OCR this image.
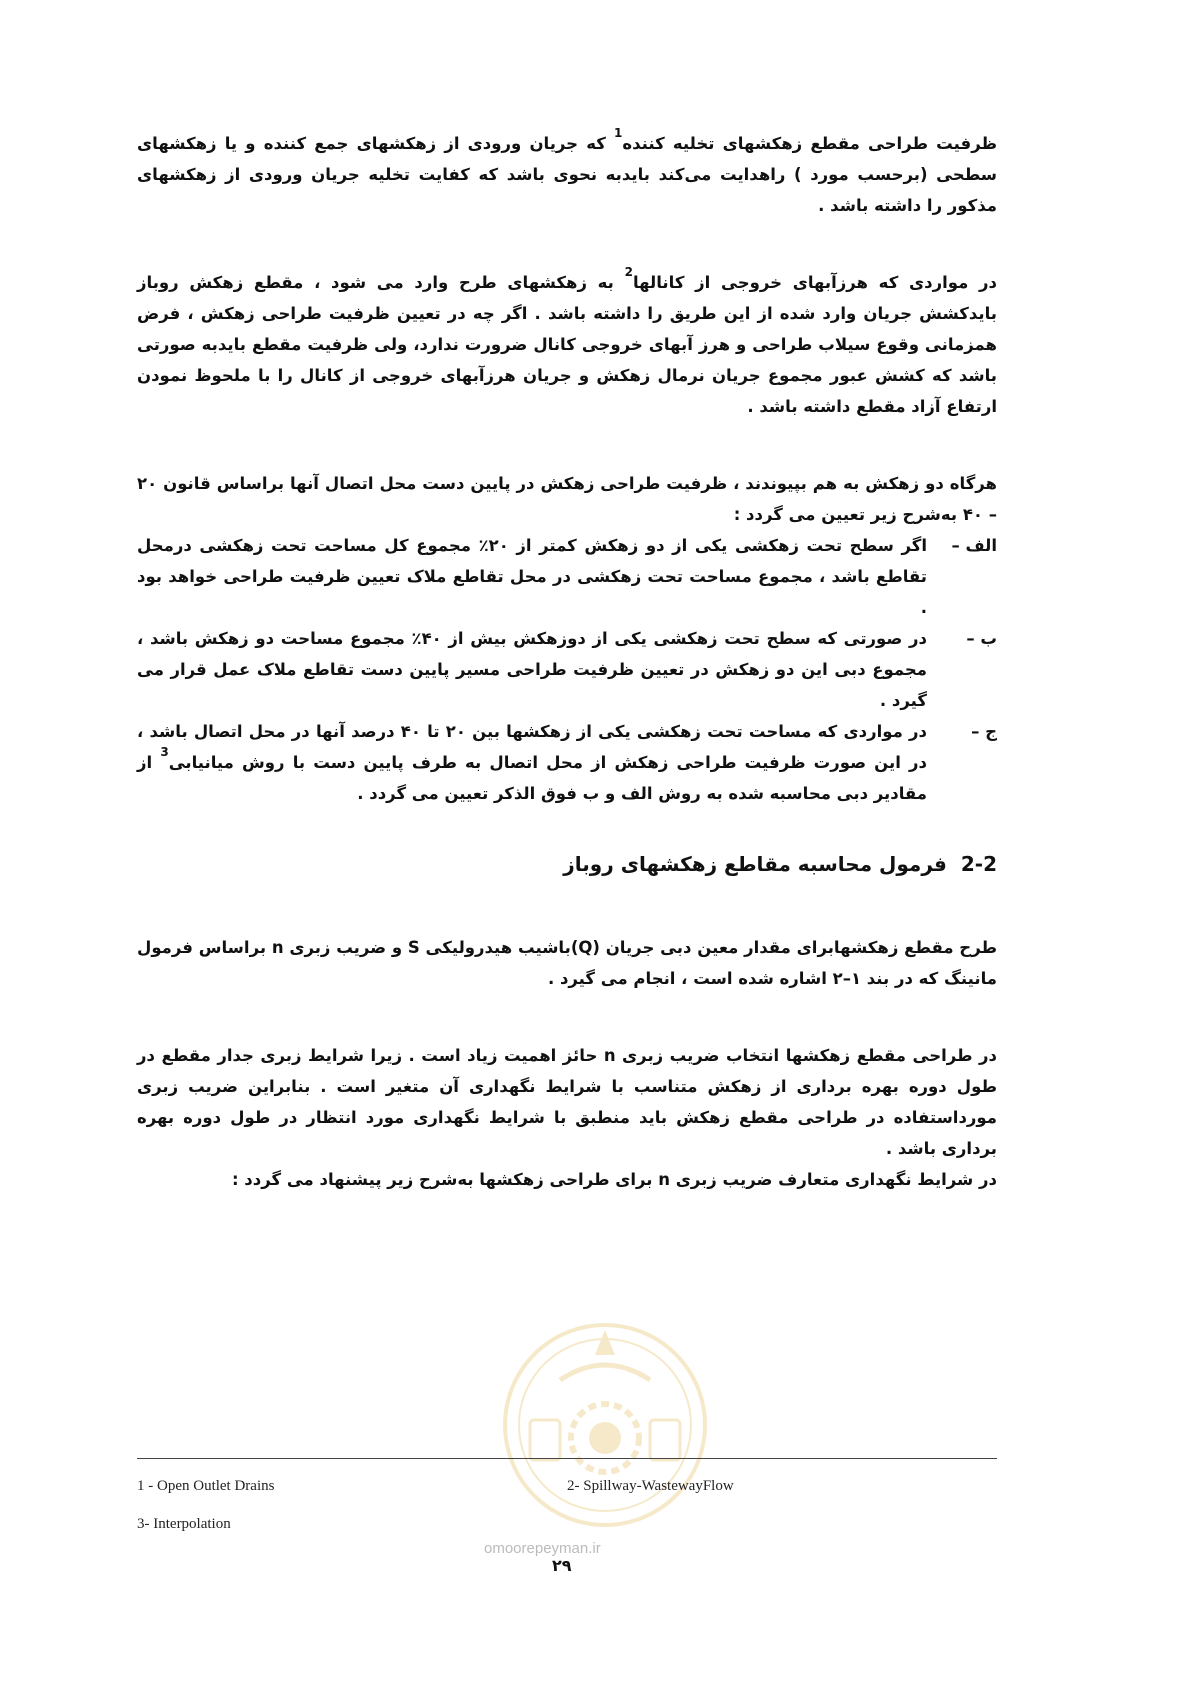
ظرفیت طراحی مقطع زهکشهای تخلیه کننده$^1$ که جریان ورودی از زهکشهای جمع کننده و یا زهکشهای سطحی (برحسب مورد ) راهدایت می‌کند بایدبه نحوی باشد که کفایت تخلیه جریان ورودی از زهکشهای مذکور را داشته باشد .

در مواردی که هرزآبهای خروجی از کانالها$^2$ به زهکشهای طرح وارد می شود ، مقطع زهکش روباز بایدکشش جریان وارد شده از این طریق را داشته باشد . اگر چه در تعیین ظرفیت طراحی زهکش ، فرض همزمانی وقوع سیلاب طراحی و هرز آبهای خروجی کانال ضرورت ندارد، ولی ظرفیت مقطع بایدبه صورتی باشد که کشش عبور مجموع جریان نرمال زهکش و جریان هرزآبهای خروجی از کانال را با ملحوظ نمودن ارتفاع آزاد مقطع داشته باشد .

هرگاه دو زهکش به هم بپیوندند ، ظرفیت طراحی زهکش در پایین دست محل اتصال آنها براساس قانون ۲۰ – ۴۰ به‌شرح زیر تعیین می گردد :
الف –
اگر سطح تحت زهکشی یکی از دو زهکش کمتر از ۲۰٪ مجموع کل مساحت تحت زهکشی درمحل تقاطع باشد ، مجموع مساحت تحت زهکشی در محل تقاطع ملاک تعیین ظرفیت طراحی خواهد بود .
ب –
در صورتی که سطح تحت زهکشی یکی از دوزهکش بیش از ۴۰٪ مجموع مساحت دو زهکش باشد ، مجموع دبی این دو زهکش در تعیین ظرفیت طراحی مسیر پایین دست تقاطع ملاک عمل قرار می گیرد .
ج –
در مواردی که مساحت تحت زهکشی یکی از زهکشها بین ۲۰ تا ۴۰ درصد آنها در محل اتصال باشد ، در این صورت ظرفیت طراحی زهکش از محل اتصال به طرف پایین دست با روش میانیابی$^3$ از مقادیر دبی محاسبه شده به روش الف و ب فوق الذکر تعیین می گردد .
2-2فرمول محاسبه مقاطع زهکشهای روباز

طرح مقطع زهکشهابرای مقدار معین دبی جریان (Q)باشیب هیدرولیکی S و ضریب زبری n براساس فرمول مانینگ که در بند ۱–۲ اشاره شده است ، انجام می گیرد .

در طراحی مقطع زهکشها انتخاب ضریب زبری n حائز اهمیت زیاد است . زیرا شرایط زبری جدار مقطع در طول دوره بهره برداری از زهکش متناسب با شرایط نگهداری آن متغیر است . بنابراین ضریب زبری موردا‌ستفاده در طراحی مقطع زهکش باید منطبق با شرایط نگهداری مورد انتظار در طول دوره بهره برداری باشد .
در شرایط نگهداری متعارف ضریب زبری n برای طراحی زهکشها به‌شرح زیر پیشنهاد می گردد :
1 - Open Outlet Drains	2- Spillway-WastewayFlow
3- Interpolation
omoorepeyman.ir
۲۹
